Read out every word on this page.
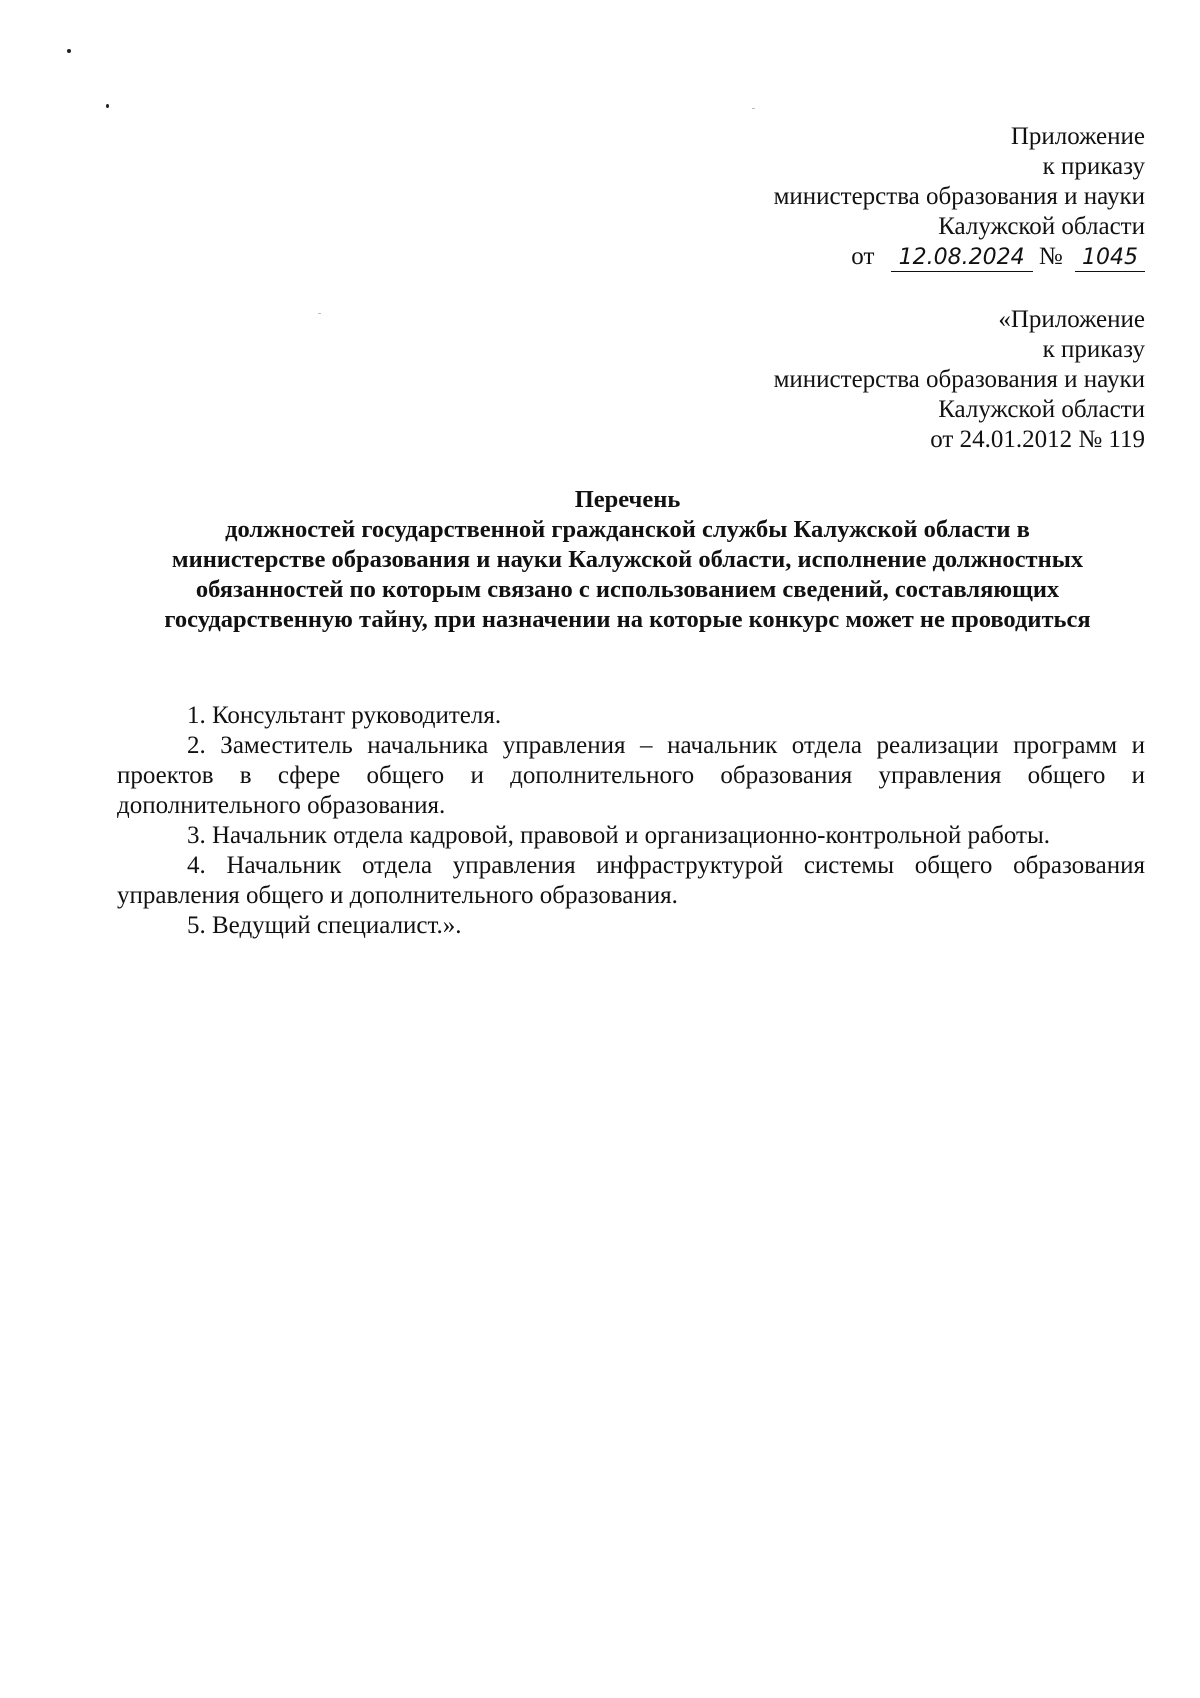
Приложение
к приказу
министерства образования и науки
Калужской области
от 12.08.2024 № 1045
«Приложение
к приказу
министерства образования и науки
Калужской области
от 24.01.2012 № 119
Перечень
должностей государственной гражданской службы Калужской области в
министерстве образования и науки Калужской области, исполнение должностных
обязанностей по которым связано с использованием сведений, составляющих
государственную тайну, при назначении на которые конкурс может не проводиться
1. Консультант руководителя.
2. Заместитель начальника управления – начальник отдела реализации программ и проектов в сфере общего и дополнительного образования управления общего и дополнительного образования.
3. Начальник отдела кадровой, правовой и организационно-контрольной работы.
4. Начальник отдела управления инфраструктурой системы общего образования управления общего и дополнительного образования.
5. Ведущий специалист.».
